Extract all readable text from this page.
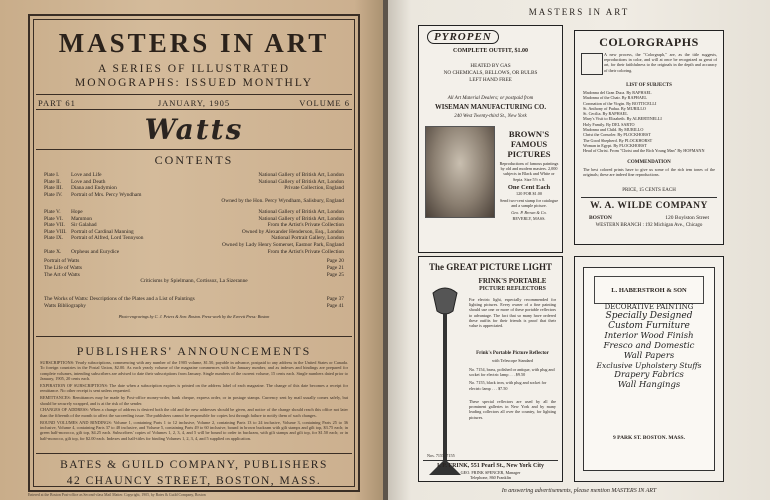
MASTERS IN ART
A SERIES OF ILLUSTRATED
MONOGRAPHS: ISSUED MONTHLY
PART 61	JANUARY, 1905	VOLUME 6
Watts
CONTENTS
Plate I.	Love and Life	National Gallery of British Art, London
Plate II.	Love and Death	National Gallery of British Art, London
Plate III.	Diana and Endymion	Private Collection, England
Plate IV.	Portrait of Mrs. Percy Wyndham
Owned by the Hon. Percy Wyndham, Salisbury, England
Plate V.	Hope	National Gallery of British Art, London
Plate VI.	Mammon	National Gallery of British Art, London
Plate VII.	Sir Galahad	From the Artist's Private Collection
Plate VIII. Portrait of Cardinal Manning	Owned by Alexander Henderson, Esq., London
Plate IX.	Portrait of Alfred, Lord Tennyson	National Portrait Gallery, London
Owned by Lady Henry Somerset, Eastnor Park, England
Plate X.	Orpheus and Eurydice	From the Artist's Private Collection
Portrait of Watts	Page 20
The Life of Watts	Page 21
The Art of Watts	Page 25
Criticisms by Spielmann, Cortissoz, La Sizeranne
The Works of Watts: Descriptions of the Plates and a List of Paintings	Page 37
Watts Bibliography	Page 41
Photo-engravings by C. J. Peters & Son: Boston. Press-work by the Everett Press: Boston
PUBLISHERS' ANNOUNCEMENTS

SUBSCRIPTIONS: Yearly subscriptions, commencing with any number of the 1905 volume, $1.50, payable in advance, postpaid to any address in the United States or Canada. To foreign countries in the Postal Union, $2.00. As each yearly volume of the magazine commences with the January number, and as indexes and bindings are prepared for complete volumes, intending subscribers are advised to date their subscriptions from January. Single numbers of the current volume, 15 cents each. Single numbers dated prior to January, 1905, 20 cents each.

EXPIRATION OF SUBSCRIPTIONS: The date when a subscription expires is printed on the address label of each magazine. The change of this date becomes a receipt for remittance. No other receipt is sent unless requested.

REMITTANCES: Remittances may be made by Post-office money-order, bank cheque, express order, or in postage stamps. Currency sent by mail usually comes safely, but should be securely wrapped, and is at the risk of the sender.

CHANGES OF ADDRESS: When a change of address is desired both the old and the new addresses should be given, and notice of the change should reach this office not later than the fifteenth of the month to affect the succeeding issue. The publishers cannot be responsible for copies lost through failure to notify them of such changes.

BOUND VOLUMES AND BINDINGS: Volume 1, containing Parts 1 to 12 inclusive, Volume 2, containing Parts 13 to 24 inclusive, Volume 3, containing Parts 25 to 36 inclusive, Volume 4, containing Parts 37 to 48 inclusive, and Volume 5, containing Parts 49 to 60 inclusive, bound in brown buckram with gilt stamps and gilt top, $3.75 each; in green half-morocco, gilt top, $4.25 each. Subscribers' copies of Volumes 1, 2, 3, 4, and 5 will be bound to order in buckram, with gilt stamps and gilt top, for $1.50 each; or in half-morocco, gilt top, for $2.00 each. Indexes and half-titles for binding Volumes 1, 2, 3, 4, and 5 supplied on application.

BATES & GUILD COMPANY, PUBLISHERS
42 CHAUNCY STREET, BOSTON, MASS.
Entered at the Boston Post-office as Second-class Mail Matter. Copyright, 1905, by Bates & Guild Company, Boston
MASTERS IN ART
PYROPEN
COMPLETE OUTFIT, $1.00
HEATED BY GAS
NO CHEMICALS, BELLOWS, OR BULBS
LEFT HAND FREE
All Art Material Dealers; or postpaid from
WISEMAN MANUFACTURING CO.
240 West Twenty-third St., New York
BROWN'S
FAMOUS
PICTURES
Reproductions of famous paintings by old and modern masters. 2,000 subjects in Black and White or Sepia. Size 5½ x 8.
One Cent Each
120 FOR $1.00
Send two-cent stamp for catalogue and a sample picture.
Geo. P. Brown & Co.
BEVERLY, MASS.
COLORGRAPHS
A new process, the "Colorgraph," are, as the title suggests, reproductions in color, and will at once be recognized as great of art, for their faithfulness to the originals in the depth and accuracy of their coloring.
LIST OF SUBJECTS
Madonna del Gran Duca. By RAPHAEL
Madonna of the Chair. By RAPHAEL
Coronation of the Virgin. By BOTTICELLI
St. Anthony of Padua. By MURILLO
St. Cecilia. By RAPHAEL
Mary's Visit to Elizabeth. By ALBERTINELLI
Holy Family. By DEL SARTO
Madonna and Child. By MURILLO
Christ the Consoler. By PLOCKHORST
The Good Shepherd. By PLOCKHORST
Woman in Egypt. By PLOCKHORST
Head of Christ. From "Christ and the Rich Young Man" By HOFMANN
COMMENDATION
The best colored prints have to give us some of the rich tem tones of the originals; these are indeed fine reproductions.
PRICE, 15 CENTS EACH
W. A. WILDE COMPANY
BOSTON	120 Boylston Street
WESTERN BRANCH : 192 Michigan Ave., Chicago
The GREAT PICTURE LIGHT
FRINK'S PORTABLE
PICTURE REFLECTORS
For electric light, especially recommended for lighting pictures. Every owner of a fine painting should use one or more of these portable reflectors to advantage. The fact that so many have ordered these outfits for their friends is proof that their value is appreciated.
Frink's Portable Picture Reflector
with Telescope Standard
No. 7154, brass, polished or antique, with plug and socket for electric lamp . . . $9.50
No. 7155, black iron, with plug and socket for electric lamp . . . $7.50
These special reflectors are used by all the prominent galleries in New York and by many leading collectors all over the country, for lighting pictures.
Nos. 7155, 7155
I. P. FRINK, 551 Pearl St., New York City
GEO. FRINK SPENCER, Manager
Telephone, 860 Franklin
L. HABERSTROH & SON
DECORATIVE PAINTING
Specially Designed
Custom Furniture
Interior Wood Finish
Fresco and Domestic
Wall Papers
Exclusive Upholstery Stuffs
Drapery Fabrics
Wall Hangings
9 PARK ST. BOSTON. MASS.
In answering advertisements, please mention MASTERS IN ART
